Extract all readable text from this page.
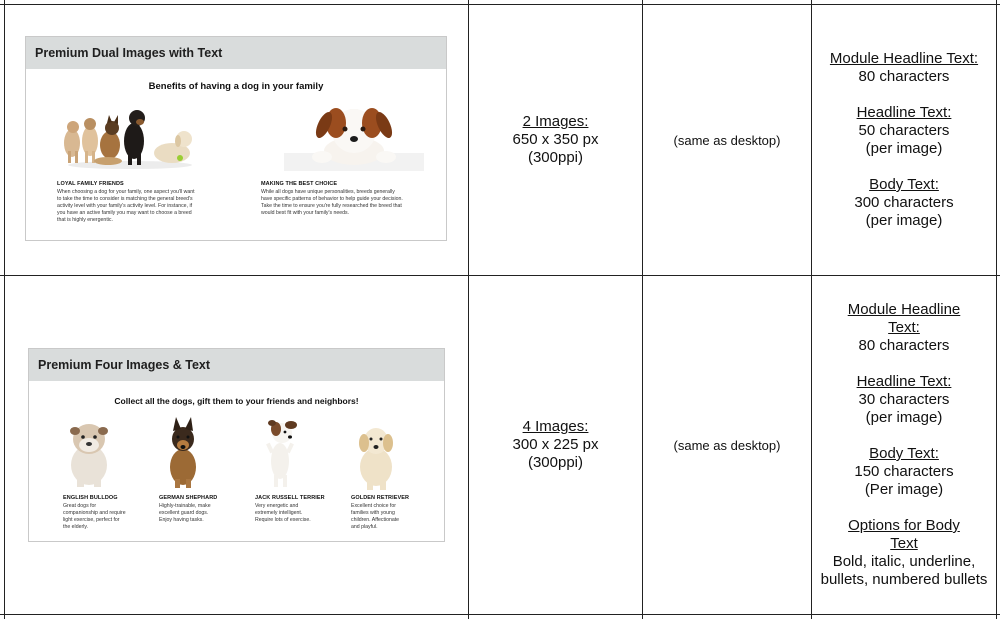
Premium Dual Images with Text
Benefits of having a dog in your family
LOYAL FAMILY FRIENDS
When choosing a dog for your family, one aspect you'll want
to take the time to consider is matching the general breed's
activity level with your family's activity level. For instance, if
you have an active family you may want to choose a breed
that is highly energentic.
MAKING THE BEST CHOICE
While all dogs have unique personalities, breeds generally
have specific patterns of behavior to help guide your decision.
Take the time to ensure you're fully researched the breed that
would best fit with your family's needs.
2 Images:
650 x 350 px
(300ppi)
(same as desktop)
Module Headline Text:
80 characters
Headline Text:
50 characters
(per image)
Body Text:
300 characters
(per image)
Premium Four Images & Text
Collect all the dogs, gift them to your friends and neighbors!
ENGLISH BULLDOG
Great dogs for
companionship and require
light exercise, perfect for
the elderly.
GERMAN SHEPHARD
Highly-trainable, make
excellent guard dogs.
Enjoy having tasks.
JACK RUSSELL TERRIER
Very energetic and
extremely intelligent.
Require lots of exercise.
GOLDEN RETRIEVER
Excellent choice for
families with young
children. Affectionate
and playful.
4 Images:
300 x 225 px
(300ppi)
(same as desktop)
Module Headline Text:
80 characters
Headline Text:
30 characters
(per image)
Body Text:
150 characters
(Per image)
Options for Body Text
Bold, italic, underline, bullets, numbered bullets
